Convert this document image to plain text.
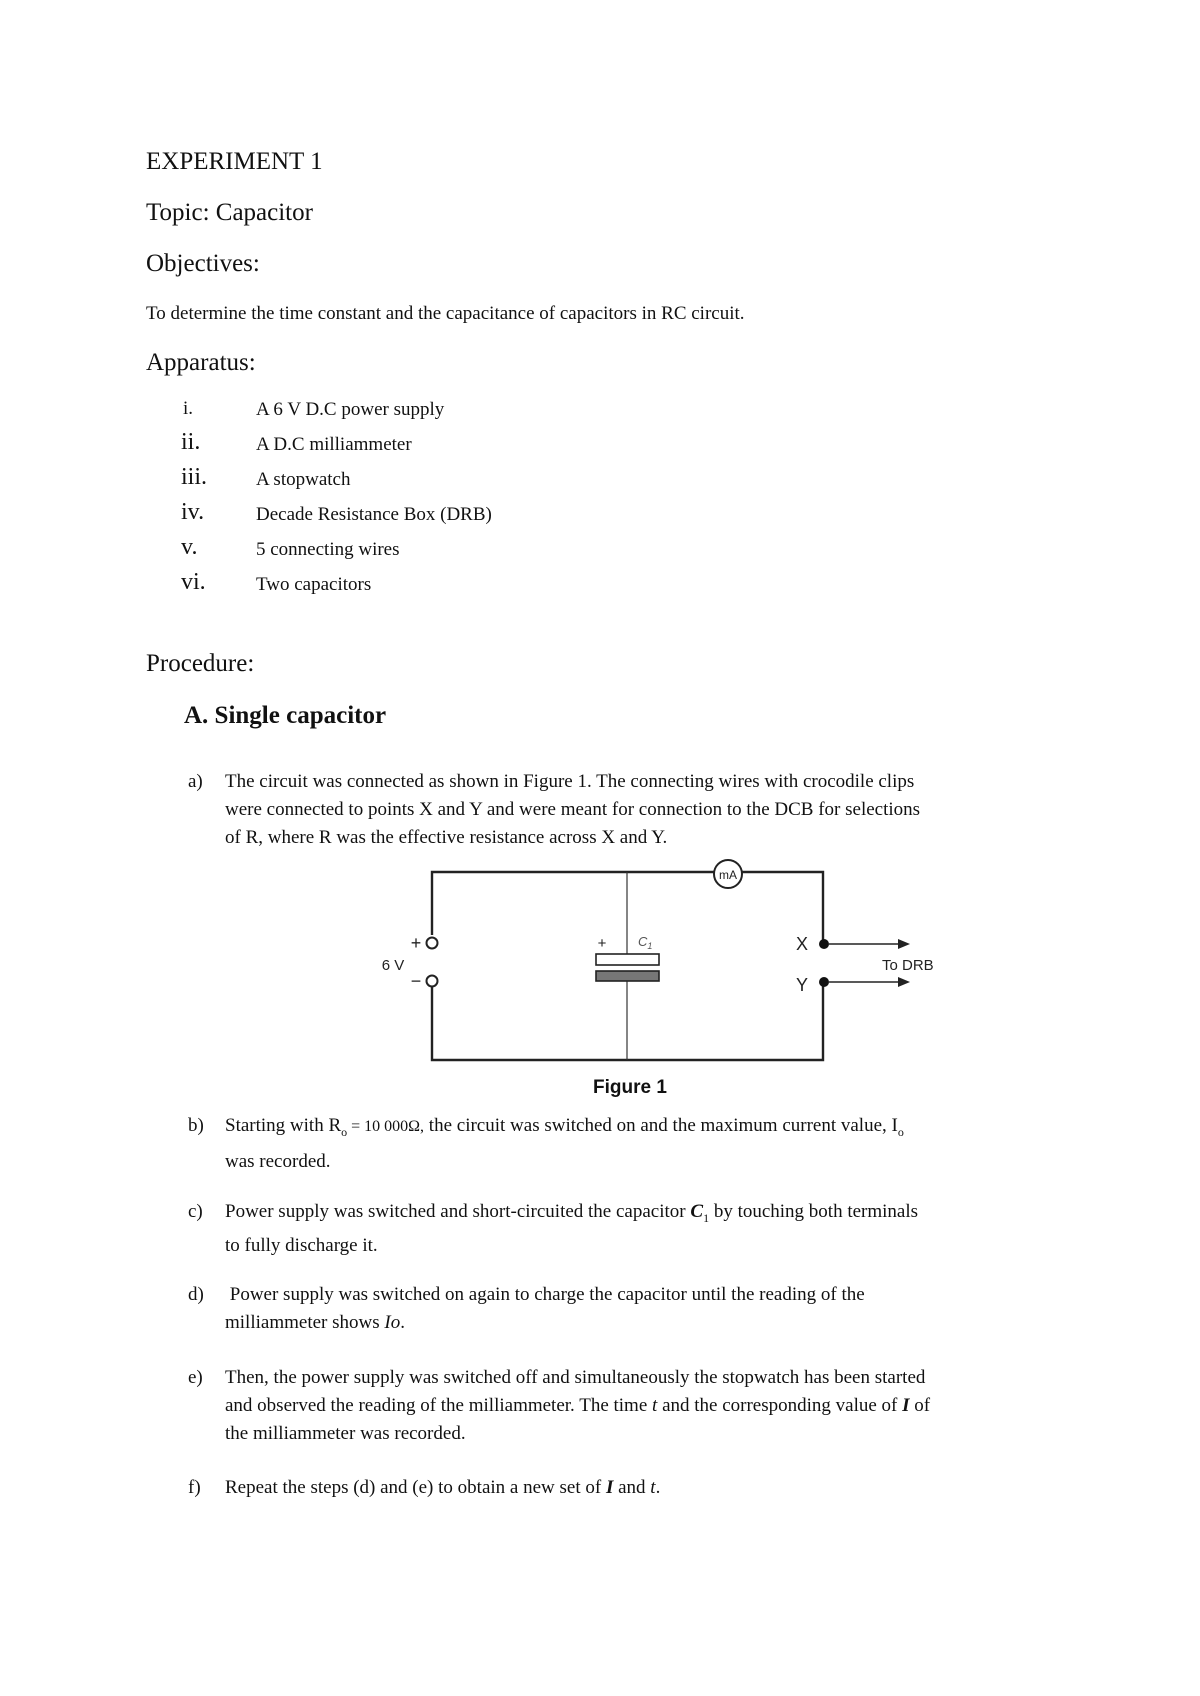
EXPERIMENT 1
Topic: Capacitor
Objectives:
To determine the time constant and the capacitance of capacitors in RC circuit.
Apparatus:
i.	A 6 V D.C power supply
ii.	A D.C milliammeter
iii.	A stopwatch
iv.	Decade Resistance Box (DRB)
v.	5 connecting wires
vi.	Two capacitors
Procedure:
A. Single capacitor
a) The circuit was connected as shown in Figure 1. The connecting wires with crocodile clips
were connected to points X and Y and were meant for connection to the DCB for selections
of R, where R was the effective resistance across X and Y.
mA
+
−
6 V
+ $C_1$	X
Y
To DRB
Figure 1
b) Starting with $R_o = 10$ 000Ω, the circuit was switched on and the maximum current value, $I_o$
was recorded.
c) Power supply was switched and short-circuited the capacitor $C_1$ by touching both terminals
to fully discharge it.
d) Power supply was switched on again to charge the capacitor until the reading of the
milliammeter shows Io.
e) Then, the power supply was switched off and simultaneously the stopwatch has been started
and observed the reading of the milliammeter. The time t and the corresponding value of I of
the milliammeter was recorded.
f) Repeat the steps (d) and (e) to obtain a new set of I and t.
